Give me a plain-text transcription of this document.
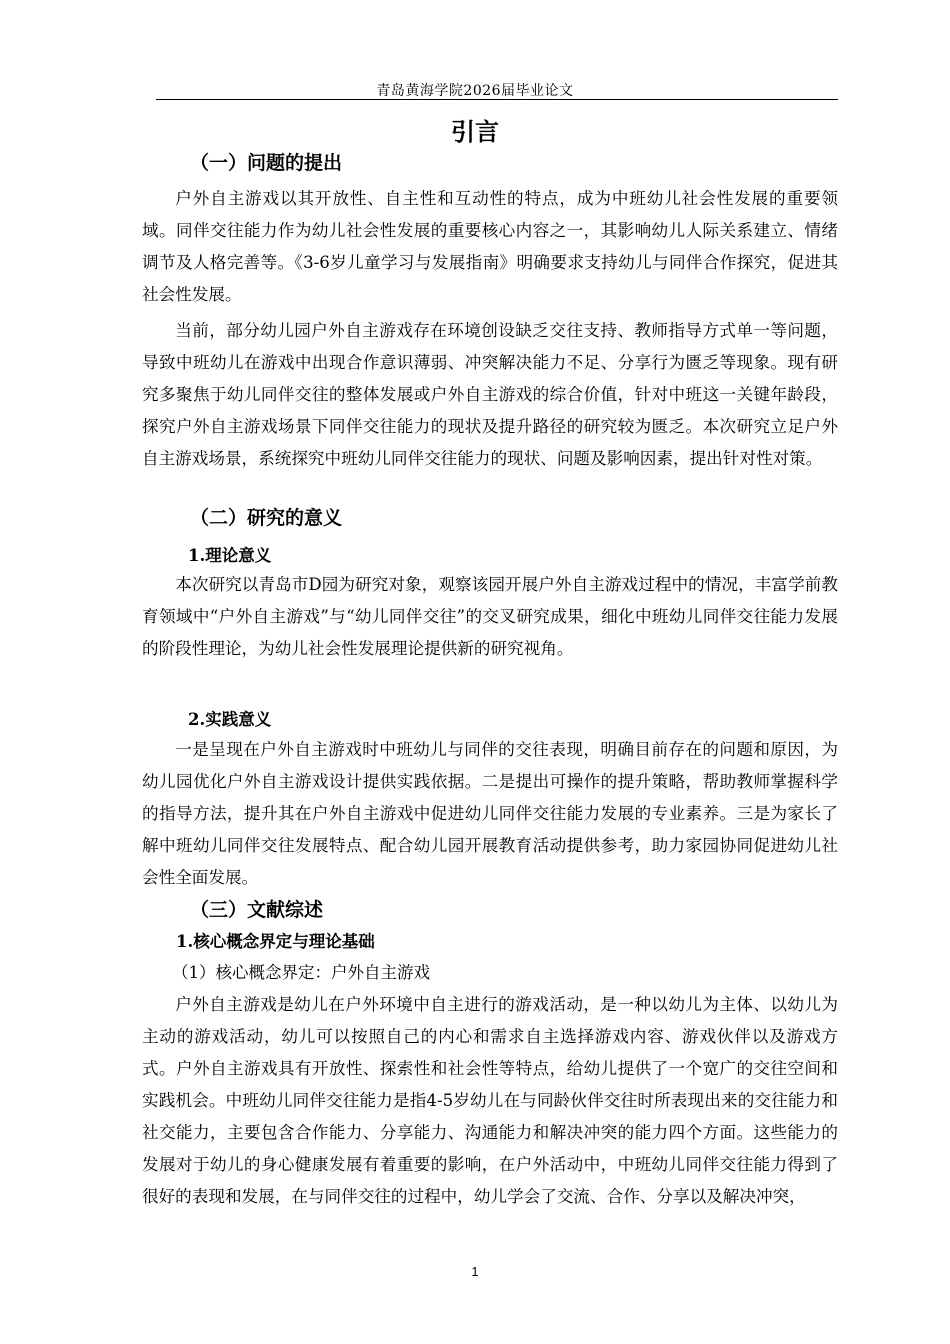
青岛黄海学院2026届毕业论文
引言
（一）问题的提出

户外自主游戏以其开放性、自主性和互动性的特点，成为中班幼儿社会性发展的重要领域。同伴交往能力作为幼儿社会性发展的重要核心内容之一，其影响幼儿人际关系建立、情绪调节及人格完善等。《3-6岁儿童学习与发展指南》明确要求支持幼儿与同伴合作探究，促进其社会性发展。

当前，部分幼儿园户外自主游戏存在环境创设缺乏交往支持、教师指导方式单一等问题，导致中班幼儿在游戏中出现合作意识薄弱、冲突解决能力不足、分享行为匮乏等现象。现有研究多聚焦于幼儿同伴交往的整体发展或户外自主游戏的综合价值，针对中班这一关键年龄段，探究户外自主游戏场景下同伴交往能力的现状及提升路径的研究较为匮乏。本次研究立足户外自主游戏场景，系统探究中班幼儿同伴交往能力的现状、问题及影响因素，提出针对性对策。

（二）研究的意义
1.理论意义

本次研究以青岛市D园为研究对象，观察该园开展户外自主游戏过程中的情况，丰富学前教育领域中“户外自主游戏”与“幼儿同伴交往”的交叉研究成果，细化中班幼儿同伴交往能力发展的阶段性理论，为幼儿社会性发展理论提供新的研究视角。

2.实践意义

一是呈现在户外自主游戏时中班幼儿与同伴的交往表现，明确目前存在的问题和原因，为幼儿园优化户外自主游戏设计提供实践依据。二是提出可操作的提升策略，帮助教师掌握科学的指导方法，提升其在户外自主游戏中促进幼儿同伴交往能力发展的专业素养。三是为家长了解中班幼儿同伴交往发展特点、配合幼儿园开展教育活动提供参考，助力家园协同促进幼儿社会性全面发展。

（三）文献综述
1.核心概念界定与理论基础
（1）核心概念界定：户外自主游戏

户外自主游戏是幼儿在户外环境中自主进行的游戏活动，是一种以幼儿为主体、以幼儿为主动的游戏活动，幼儿可以按照自己的内心和需求自主选择游戏内容、游戏伙伴以及游戏方式。户外自主游戏具有开放性、探索性和社会性等特点，给幼儿提供了一个宽广的交往空间和实践机会。中班幼儿同伴交往能力是指4-5岁幼儿在与同龄伙伴交往时所表现出来的交往能力和社交能力，主要包含合作能力、分享能力、沟通能力和解决冲突的能力四个方面。这些能力的发展对于幼儿的身心健康发展有着重要的影响，在户外活动中，中班幼儿同伴交往能力得到了很好的表现和发展，在与同伴交往的过程中，幼儿学会了交流、合作、分享以及解决冲突，

1
